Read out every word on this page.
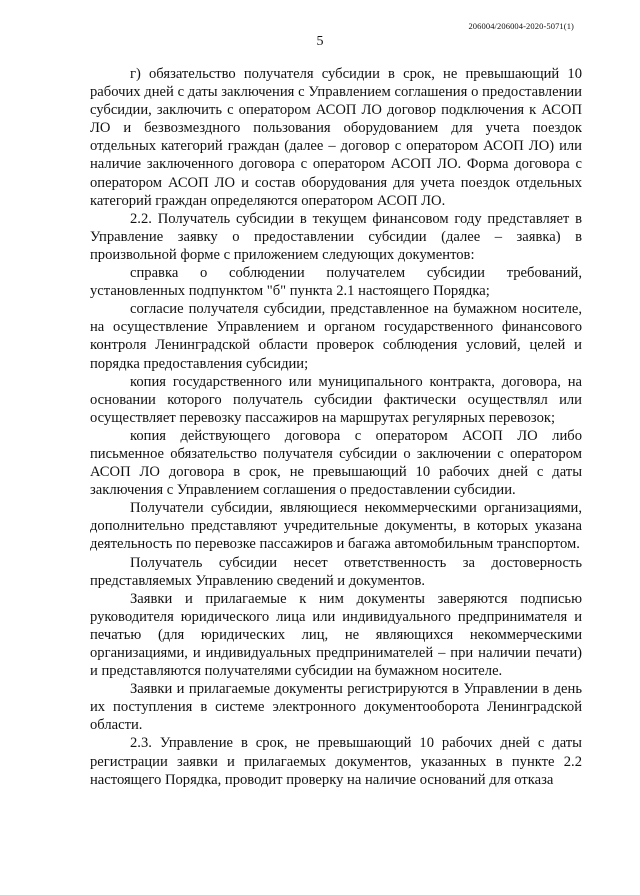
206004/206004-2020-5071(1)
5

г) обязательство получателя субсидии в срок, не превышающий 10 рабочих дней с даты заключения с Управлением соглашения о предоставлении субсидии, заключить с оператором АСОП ЛО договор подключения к АСОП ЛО и безвозмездного пользования оборудованием для учета поездок отдельных категорий граждан (далее – договор с оператором АСОП ЛО) или наличие заключенного договора с оператором АСОП ЛО. Форма договора с оператором АСОП ЛО и состав оборудования для учета поездок отдельных категорий граждан определяются оператором АСОП ЛО.

2.2. Получатель субсидии в текущем финансовом году представляет в Управление заявку о предоставлении субсидии (далее – заявка) в произвольной форме с приложением следующих документов:

справка о соблюдении получателем субсидии требований, установленных подпунктом "б" пункта 2.1 настоящего Порядка;

согласие получателя субсидии, представленное на бумажном носителе, на осуществление Управлением и органом государственного финансового контроля Ленинградской области проверок соблюдения условий, целей и порядка предоставления субсидии;

копия государственного или муниципального контракта, договора, на основании которого получатель субсидии фактически осуществлял или осуществляет перевозку пассажиров на маршрутах регулярных перевозок;

копия действующего договора с оператором АСОП ЛО либо письменное обязательство получателя субсидии о заключении с оператором АСОП ЛО договора в срок, не превышающий 10 рабочих дней с даты заключения с Управлением соглашения о предоставлении субсидии.

Получатели субсидии, являющиеся некоммерческими организациями, дополнительно представляют учредительные документы, в которых указана деятельность по перевозке пассажиров и багажа автомобильным транспортом.

Получатель субсидии несет ответственность за достоверность представляемых Управлению сведений и документов.

Заявки и прилагаемые к ним документы заверяются подписью руководителя юридического лица или индивидуального предпринимателя и печатью (для юридических лиц, не являющихся некоммерческими организациями, и индивидуальных предпринимателей – при наличии печати) и представляются получателями субсидии на бумажном носителе.

Заявки и прилагаемые документы регистрируются в Управлении в день их поступления в системе электронного документооборота Ленинградской области.

2.3. Управление в срок, не превышающий 10 рабочих дней с даты регистрации заявки и прилагаемых документов, указанных в пункте 2.2 настоящего Порядка, проводит проверку на наличие оснований для отказа
